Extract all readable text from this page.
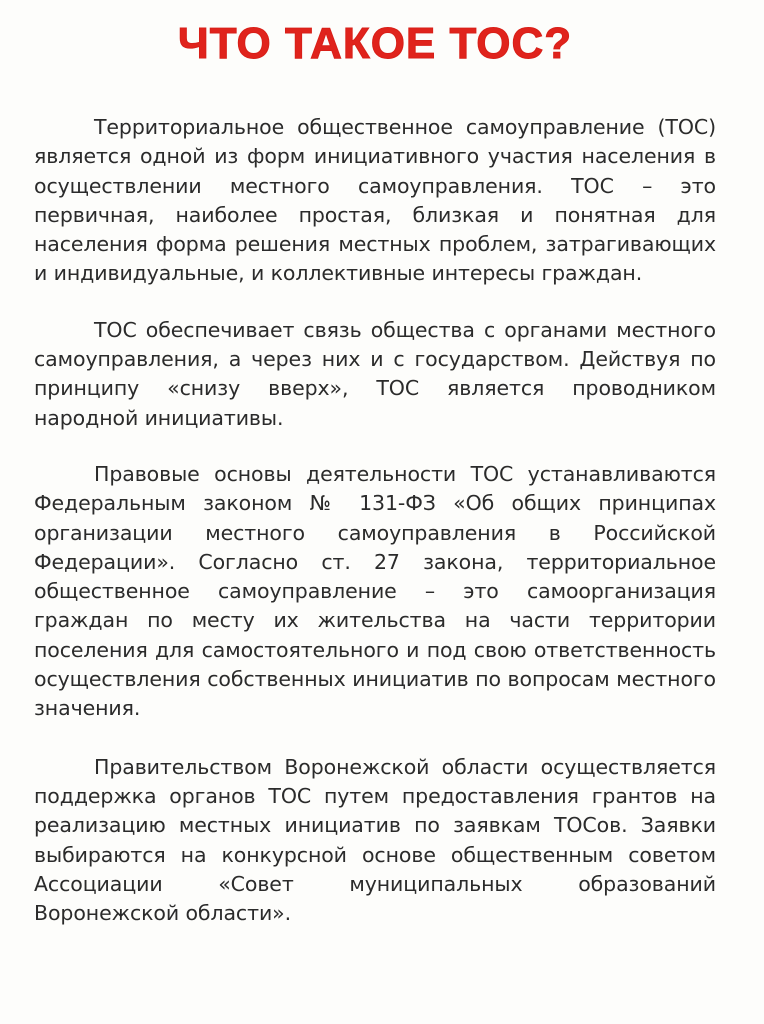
ЧТО ТАКОЕ ТОС?

Территориальное общественное самоуправление (ТОС) является одной из форм инициативного участия населения в осуществлении местного самоуправления. ТОС – это первичная, наиболее простая, близкая и понятная для населения форма решения местных проблем, затрагивающих и индивидуальные, и коллективные интересы граждан.

ТОС обеспечивает связь общества с органами местного самоуправления, а через них и с государством. Действуя по принципу «снизу вверх», ТОС является проводником народной инициативы.

Правовые основы деятельности ТОС устанавливаются Федеральным законом № 131-ФЗ «Об общих принципах организации местного самоуправления в Российской Федерации». Согласно ст. 27 закона, территориальное общественное самоуправление – это самоорганизация граждан по месту их жительства на части территории поселения для самостоятельного и под свою ответственность осуществления собственных инициатив по вопросам местного значения.

Правительством Воронежской области осуществляется поддержка органов ТОС путем предоставления грантов на реализацию местных инициатив по заявкам ТОСов. Заявки выбираются на конкурсной основе общественным советом Ассоциации «Совет муниципальных образований Воронежской области».
